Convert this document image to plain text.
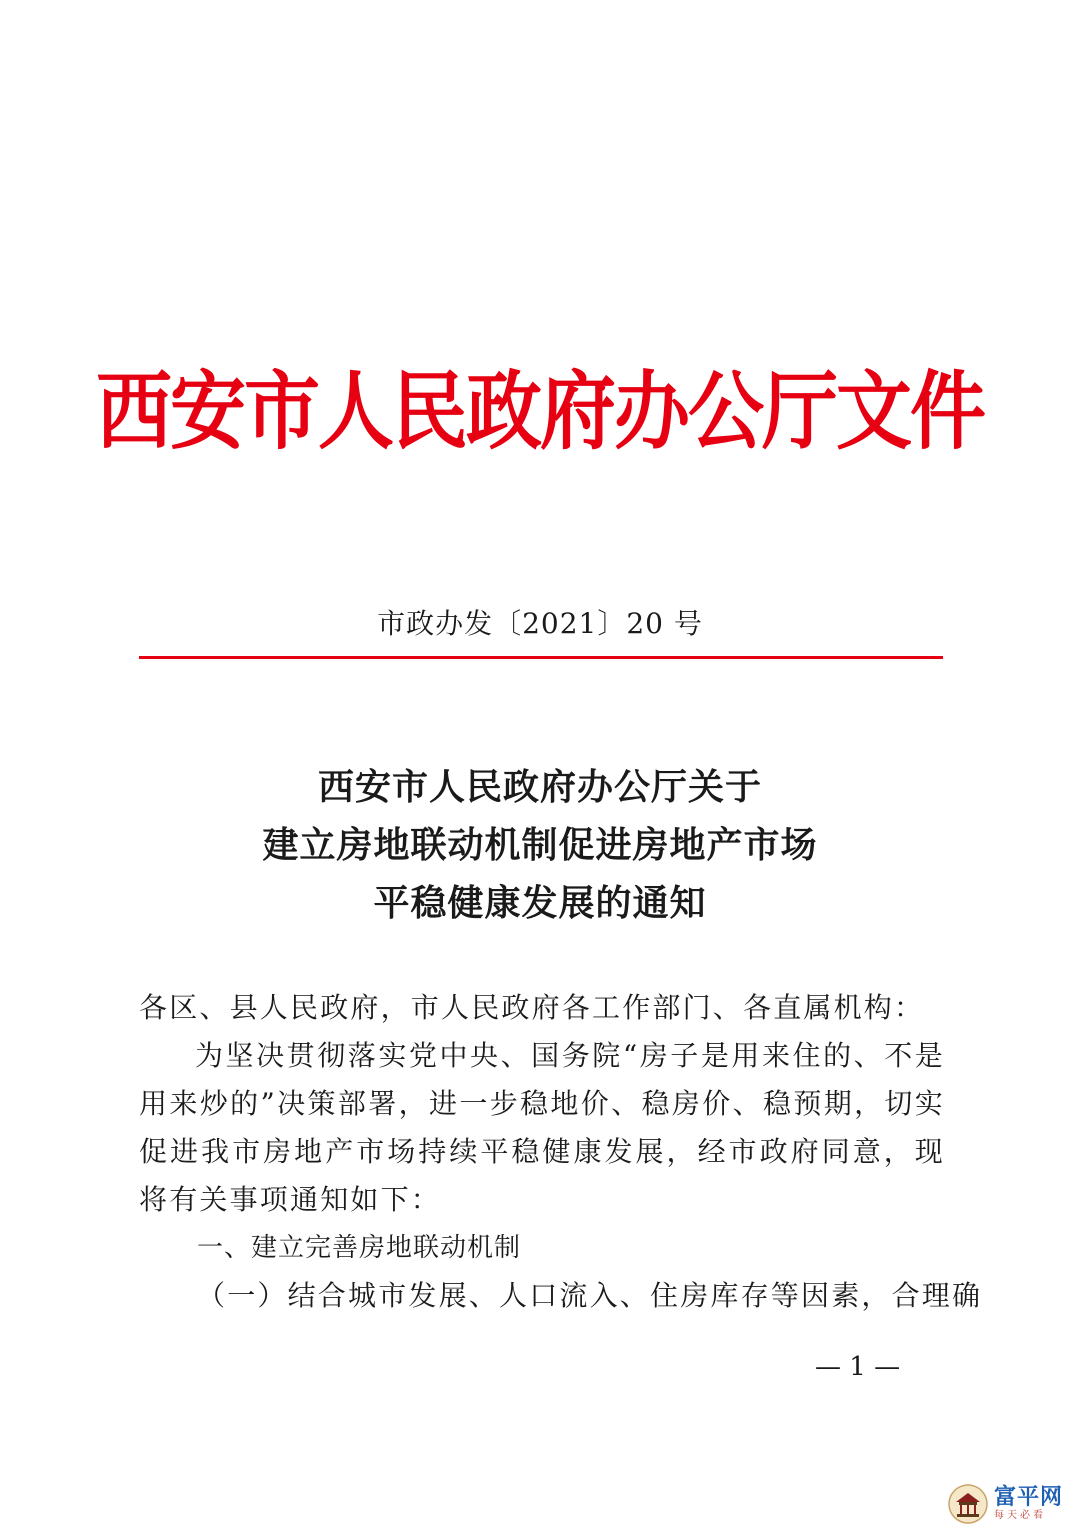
西安市人民政府办公厅文件
市政办发〔2021〕20 号
西安市人民政府办公厅关于
建立房地联动机制促进房地产市场
平稳健康发展的通知

各区、县人民政府，市人民政府各工作部门、各直属机构：

为坚决贯彻落实党中央、国务院“房子是用来住的、不是用来炒的”决策部署，进一步稳地价、稳房价、稳预期，切实促进我市房地产市场持续平稳健康发展，经市政府同意，现将有关事项通知如下：

一、建立完善房地联动机制

（一）结合城市发展、人口流入、住房库存等因素，合理确

— 1 —
富平网
每天必看
